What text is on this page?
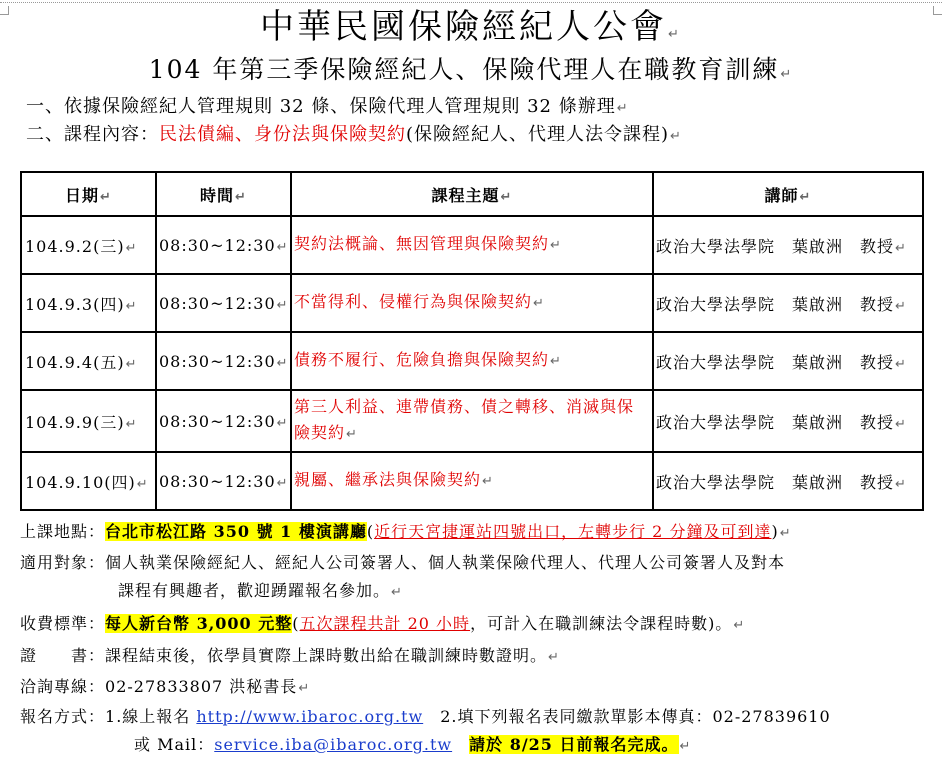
中華民國保險經紀人公會↵
104 年第三季保險經紀人、保險代理人在職教育訓練↵
一、依據保險經紀人管理規則 32 條、保險代理人管理規則 32 條辦理↵
二、課程內容：民法債編、身份法與保險契約(保險經紀人、代理人法令課程)↵
日期↵	時間↵	課程主題↵	講師↵
104.9.2(三)↵	08:30~12:30↵	契約法概論、無因管理與保險契約↵	政治大學法學院　葉啟洲　教授↵
104.9.3(四)↵	08:30~12:30↵	不當得利、侵權行為與保險契約↵	政治大學法學院　葉啟洲　教授↵
104.9.4(五)↵	08:30~12:30↵	債務不履行、危險負擔與保險契約↵	政治大學法學院　葉啟洲　教授↵
104.9.9(三)↵	08:30~12:30↵	第三人利益、連帶債務、債之轉移、消滅與保險契約↵	政治大學法學院　葉啟洲　教授↵
104.9.10(四)↵	08:30~12:30↵	親屬、繼承法與保險契約↵	政治大學法學院　葉啟洲　教授↵
上課地點：台北市松江路 350 號 1 樓演講廳(近行天宮捷運站四號出口，左轉步行 2 分鐘及可到達)↵
適用對象：個人執業保險經紀人、經紀人公司簽署人、個人執業保險代理人、代理人公司簽署人及對本
課程有興趣者，歡迎踴躍報名參加。↵
收費標準：每人新台幣 3,000 元整(五次課程共計 20 小時，可計入在職訓練法令課程時數)。↵
證　　書：課程結束後，依學員實際上課時數出給在職訓練時數證明。↵
洽詢專線：02-27833807 洪秘書長↵
報名方式：1.線上報名 http://www.ibaroc.org.tw　2.填下列報名表同繳款單影本傳真：02-27839610
或 Mail：service.iba@ibaroc.org.tw　 請於 8/25 日前報名完成。↵
